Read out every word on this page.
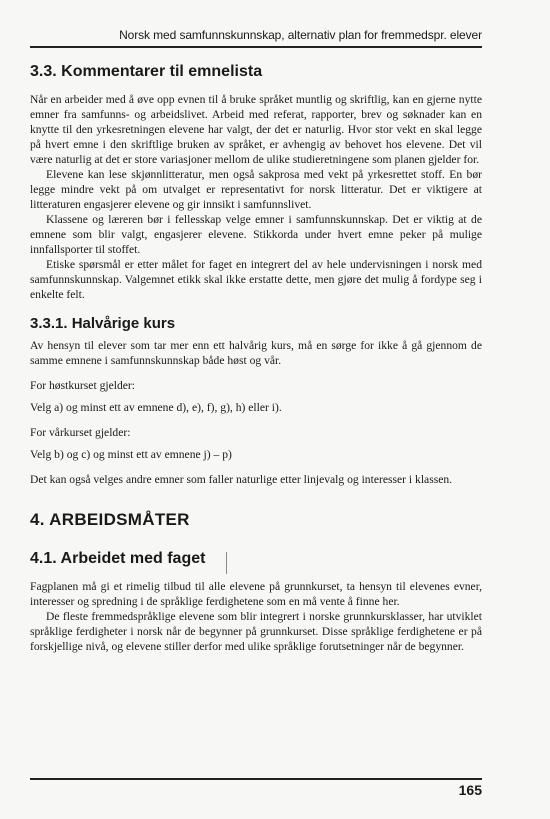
Norsk med samfunnskunnskap, alternativ plan for fremmedspr. elever
3.3. Kommentarer til emnelista

Når en arbeider med å øve opp evnen til å bruke språket muntlig og skriftlig, kan en gjerne nytte emner fra samfunns- og arbeidslivet. Arbeid med referat, rapporter, brev og søknader kan en knytte til den yrkesretningen elevene har valgt, der det er naturlig. Hvor stor vekt en skal legge på hvert emne i den skriftlige bruken av språket, er avhengig av behovet hos elevene. Det vil være naturlig at det er store variasjoner mellom de ulike studieretningene som planen gjelder for.

Elevene kan lese skjønnlitteratur, men også sakprosa med vekt på yrkesrettet stoff. En bør legge mindre vekt på om utvalget er representativt for norsk litteratur. Det er viktigere at litteraturen engasjerer elevene og gir innsikt i samfunnslivet.

Klassene og læreren bør i fellesskap velge emner i samfunnskunnskap. Det er viktig at de emnene som blir valgt, engasjerer elevene. Stikkorda under hvert emne peker på mulige innfallsporter til stoffet.

Etiske spørsmål er etter målet for faget en integrert del av hele undervisningen i norsk med samfunnskunnskap. Valgemnet etikk skal ikke erstatte dette, men gjøre det mulig å fordype seg i enkelte felt.

3.3.1. Halvårige kurs

Av hensyn til elever som tar mer enn ett halvårig kurs, må en sørge for ikke å gå gjennom de samme emnene i samfunnskunnskap både høst og vår.

For høstkurset gjelder:

Velg a) og minst ett av emnene d), e), f), g), h) eller i).

For vårkurset gjelder:

Velg b) og c) og minst ett av emnene j) – p)

Det kan også velges andre emner som faller naturlige etter linjevalg og interesser i klassen.

4. ARBEIDSMÅTER
4.1. Arbeidet med faget

Fagplanen må gi et rimelig tilbud til alle elevene på grunnkurset, ta hensyn til elevenes evner, interesser og spredning i de språklige ferdighetene som en må vente å finne her.

De fleste fremmedspråklige elevene som blir integrert i norske grunnkursklasser, har utviklet språklige ferdigheter i norsk når de begynner på grunnkurset. Disse språklige ferdighetene er på forskjellige nivå, og elevene stiller derfor med ulike språklige forutsetninger når de begynner.

165
